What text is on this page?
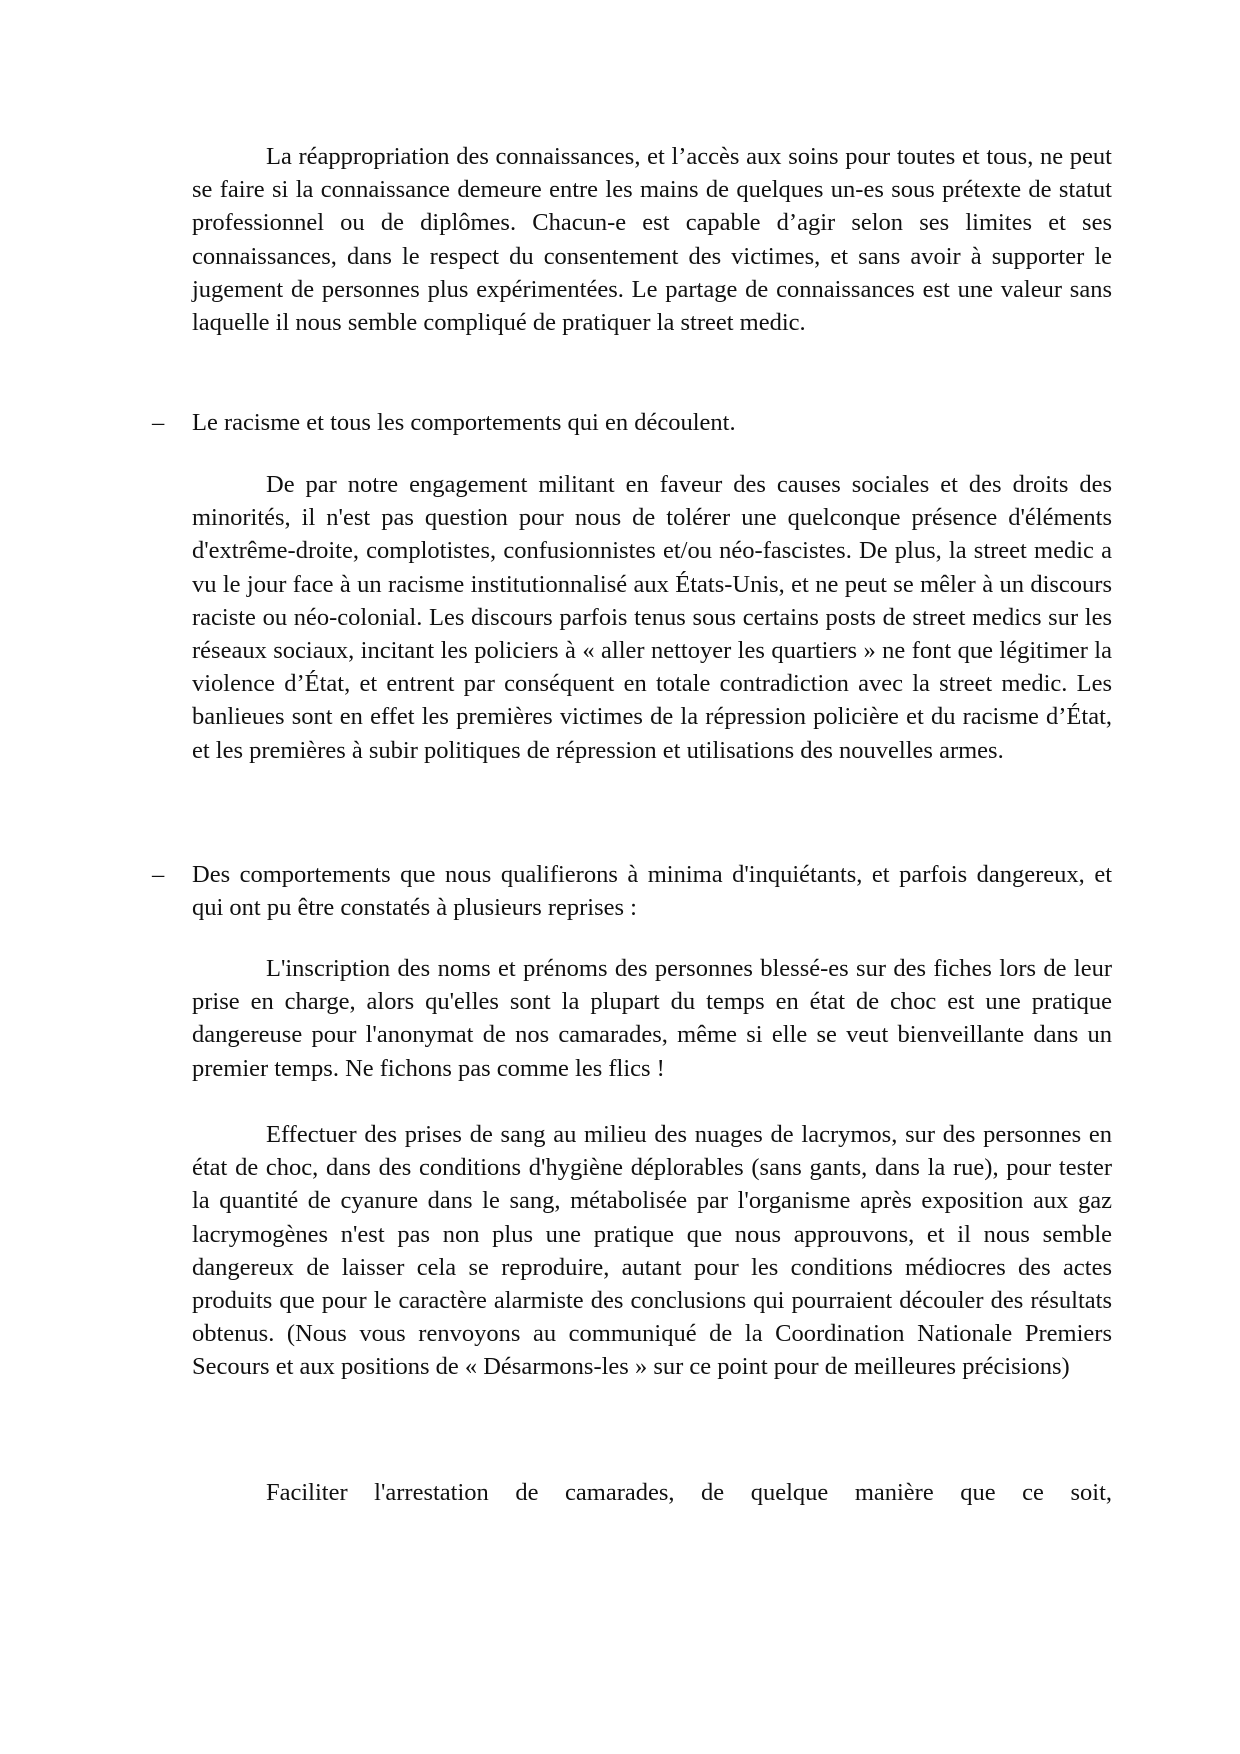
La réappropriation des connaissances, et l’accès aux soins pour toutes et tous, ne peut se faire si la connaissance demeure entre les mains de quelques un-es sous prétexte de statut professionnel ou de diplômes. Chacun-e est capable d’agir selon ses limites et ses connaissances, dans le respect du consentement des victimes, et sans avoir à supporter le jugement de personnes plus expérimentées. Le partage de connaissances est une valeur sans laquelle il nous semble compliqué de pratiquer la street medic.

–	Le racisme et tous les comportements qui en découlent.

De par notre engagement militant en faveur des causes sociales et des droits des minorités, il n'est pas question pour nous de tolérer une quelconque présence d'éléments d'extrême-droite, complotistes, confusionnistes et/ou néo-fascistes. De plus, la street medic a vu le jour face à un racisme institutionnalisé aux États-Unis, et ne peut se mêler à un discours raciste ou néo-colonial. Les discours parfois tenus sous certains posts de street medics sur les réseaux sociaux, incitant les policiers à « aller nettoyer les quartiers » ne font que légitimer la violence d’État, et entrent par conséquent en totale contradiction avec la street medic. Les banlieues sont en effet les premières victimes de la répression policière et du racisme d’État, et les premières à subir politiques de répression et utilisations des nouvelles armes.

–	Des comportements que nous qualifierons à minima d'inquiétants, et parfois dangereux, et qui ont pu être constatés à plusieurs reprises :

L'inscription des noms et prénoms des personnes blessé-es sur des fiches lors de leur prise en charge, alors qu'elles sont la plupart du temps en état de choc est une pratique dangereuse pour l'anonymat de nos camarades, même si elle se veut bienveillante dans un premier temps. Ne fichons pas comme les flics !

Effectuer des prises de sang au milieu des nuages de lacrymos, sur des personnes en état de choc, dans des conditions d'hygiène déplorables (sans gants, dans la rue), pour tester la quantité de cyanure dans le sang, métabolisée par l'organisme après exposition aux gaz lacrymogènes n'est pas non plus une pratique que nous approuvons, et il nous semble dangereux de laisser cela se reproduire, autant pour les conditions médiocres des actes produits que pour le caractère alarmiste des conclusions qui pourraient découler des résultats obtenus. (Nous vous renvoyons au communiqué de la Coordination Nationale Premiers Secours et aux positions de « Désarmons-les » sur ce point pour de meilleures précisions)

Faciliter l'arrestation de camarades, de quelque manière que ce soit,
